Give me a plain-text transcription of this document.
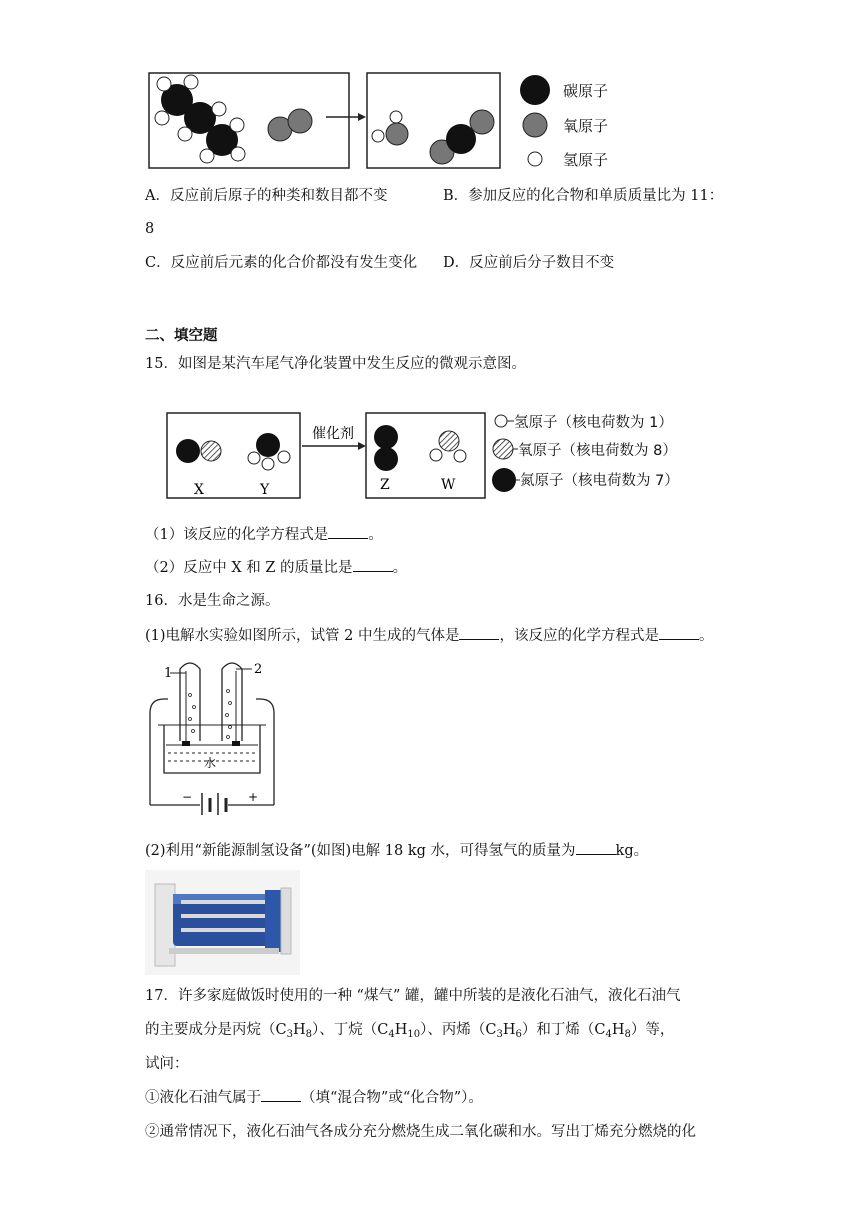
碳原子
氧原子
氢原子
A．反应前后原子的种类和数目都不变	B．参加反应的化合物和单质质量比为 11：
8
C．反应前后元素的化合价都没有发生变化 D．反应前后分子数目不变
二、填空题
15．如图是某汽车尾气净化装置中发生反应的微观示意图。
X	Y
催化剂
Z	W
氢原子（核电荷数为 1）
氧原子（核电荷数为 8）
氮原子（核电荷数为 7）
（1）该反应的化学方程式是	。
（2）反应中 X 和 Z 的质量比是	。
16．水是生命之源。
(1)电解水实验如图所示，试管 2 中生成的气体是	，该反应的化学方程式是	。
−	+
水
1	2
(2)利用“新能源制氢设备”(如图)电解 18 kg 水，可得氢气的质量为	kg。
17．许多家庭做饭时使用的一种 “煤气” 罐，罐中所装的是液化石油气，液化石油气
的主要成分是丙烷$(C_3H_8)$、丁烷$(C_4H_{10})$、丙烯$(C_3H_6)$和丁烯$(C_4H_8)$等，
试问：
①液化石油气属于	（填“混合物”或“化合物”）。
②通常情况下，液化石油气各成分充分燃烧生成二氧化碳和水。写出丁烯充分燃烧的化
